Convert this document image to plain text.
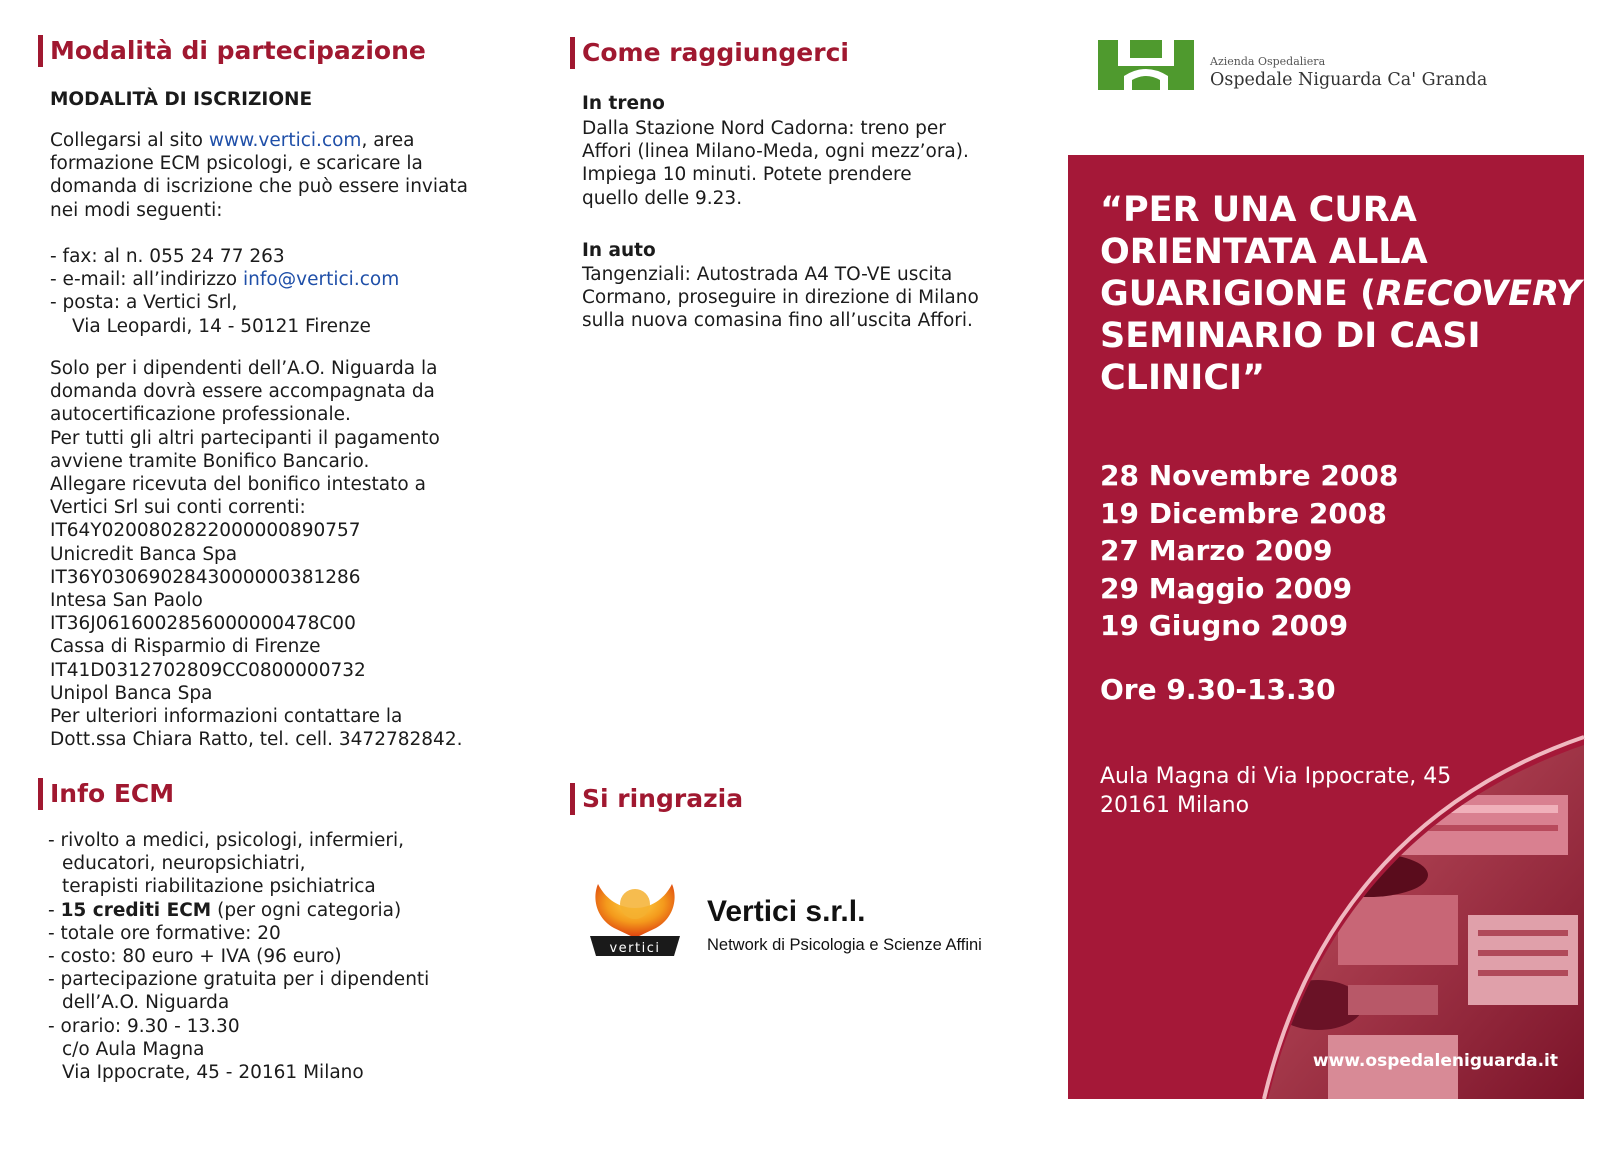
Modalità di partecipazione
MODALITÀ DI ISCRIZIONE
Collegarsi al sito www.vertici.com, area
formazione ECM psicologi, e scaricare la
domanda di iscrizione che può essere inviata
nei modi seguenti:
- fax: al n. 055 24 77 263
- e-mail: all’indirizzo info@vertici.com
- posta: a Vertici Srl,
Via Leopardi, 14 - 50121 Firenze
Solo per i dipendenti dell’A.O. Niguarda la
domanda dovrà essere accompagnata da
autocertificazione professionale.
Per tutti gli altri partecipanti il pagamento
avviene tramite Bonifico Bancario.
Allegare ricevuta del bonifico intestato a
Vertici Srl sui conti correnti:
IT64Y0200802822000000890757
Unicredit Banca Spa
IT36Y0306902843000000381286
Intesa San Paolo
IT36J0616002856000000478C00
Cassa di Risparmio di Firenze
IT41D0312702809CC0800000732
Unipol Banca Spa
Per ulteriori informazioni contattare la
Dott.ssa Chiara Ratto, tel. cell. 3472782842.
Info ECM
- rivolto a medici, psicologi, infermieri,
educatori, neuropsichiatri,
terapisti riabilitazione psichiatrica
- 15 crediti ECM (per ogni categoria)
- totale ore formative: 20
- costo: 80 euro + IVA (96 euro)
- partecipazione gratuita per i dipendenti
dell’A.O. Niguarda
- orario: 9.30 - 13.30
c/o Aula Magna
Via Ippocrate, 45 - 20161 Milano
Come raggiungerci
In treno
Dalla Stazione Nord Cadorna: treno per
Affori (linea Milano-Meda, ogni mezz’ora).
Impiega 10 minuti. Potete prendere
quello delle 9.23.
In auto
Tangenziali: Autostrada A4 TO-VE uscita
Cormano, proseguire in direzione di Milano
sulla nuova comasina fino all’uscita Affori.
Si ringrazia
vertici
Vertici s.r.l.
Network di Psicologia e Scienze Affini
Azienda Ospedaliera
Ospedale Niguarda Ca' Granda
“PER UNA CURA
ORIENTATA ALLA
GUARIGIONE (RECOVERY)
SEMINARIO DI CASI
CLINICI”
28 Novembre 2008
19 Dicembre 2008
27 Marzo 2009
29 Maggio 2009
19 Giugno 2009
Ore 9.30-13.30
Aula Magna di Via Ippocrate, 45
20161 Milano
www.ospedaleniguarda.it
